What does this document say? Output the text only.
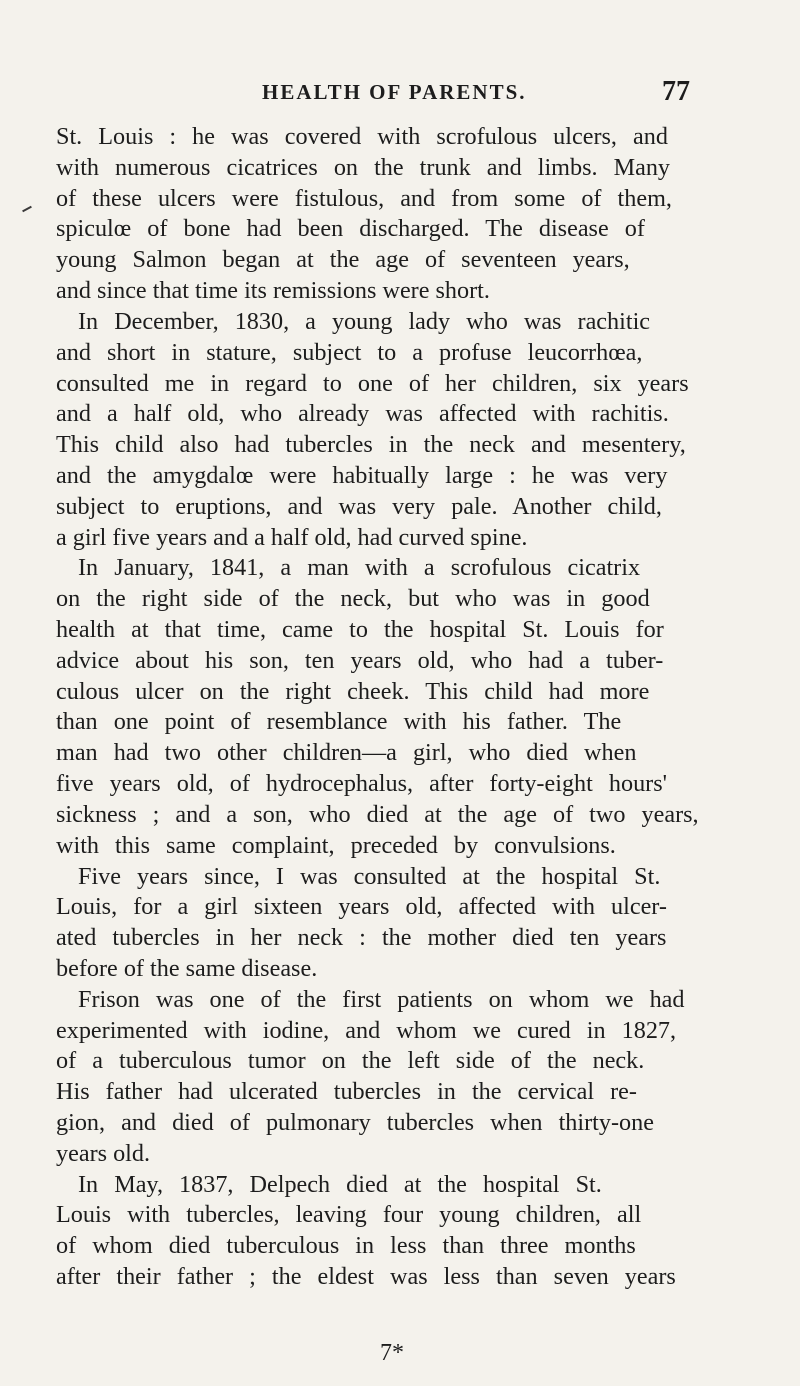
HEALTH OF PARENTS.	77
St. Louis : he was covered with scrofulous ulcers, and
with numerous cicatrices on the trunk and limbs. Many
of these ulcers were fistulous, and from some of them,
spiculœ of bone had been discharged. The disease of
young Salmon began at the age of seventeen years,
and since that time its remissions were short.
In December, 1830, a young lady who was rachitic
and short in stature, subject to a profuse leucorrhœa,
consulted me in regard to one of her children, six years
and a half old, who already was affected with rachitis.
This child also had tubercles in the neck and mesentery,
and the amygdalœ were habitually large : he was very
subject to eruptions, and was very pale. Another child,
a girl five years and a half old, had curved spine.
In January, 1841, a man with a scrofulous cicatrix
on the right side of the neck, but who was in good
health at that time, came to the hospital St. Louis for
advice about his son, ten years old, who had a tuber-
culous ulcer on the right cheek. This child had more
than one point of resemblance with his father. The
man had two other children—a girl, who died when
five years old, of hydrocephalus, after forty-eight hours'
sickness ; and a son, who died at the age of two years,
with this same complaint, preceded by convulsions.
Five years since, I was consulted at the hospital St.
Louis, for a girl sixteen years old, affected with ulcer-
ated tubercles in her neck : the mother died ten years
before of the same disease.
Frison was one of the first patients on whom we had
experimented with iodine, and whom we cured in 1827,
of a tuberculous tumor on the left side of the neck.
His father had ulcerated tubercles in the cervical re-
gion, and died of pulmonary tubercles when thirty-one
years old.
In May, 1837, Delpech died at the hospital St.
Louis with tubercles, leaving four young children, all
of whom died tuberculous in less than three months
after their father ; the eldest was less than seven years
7*
